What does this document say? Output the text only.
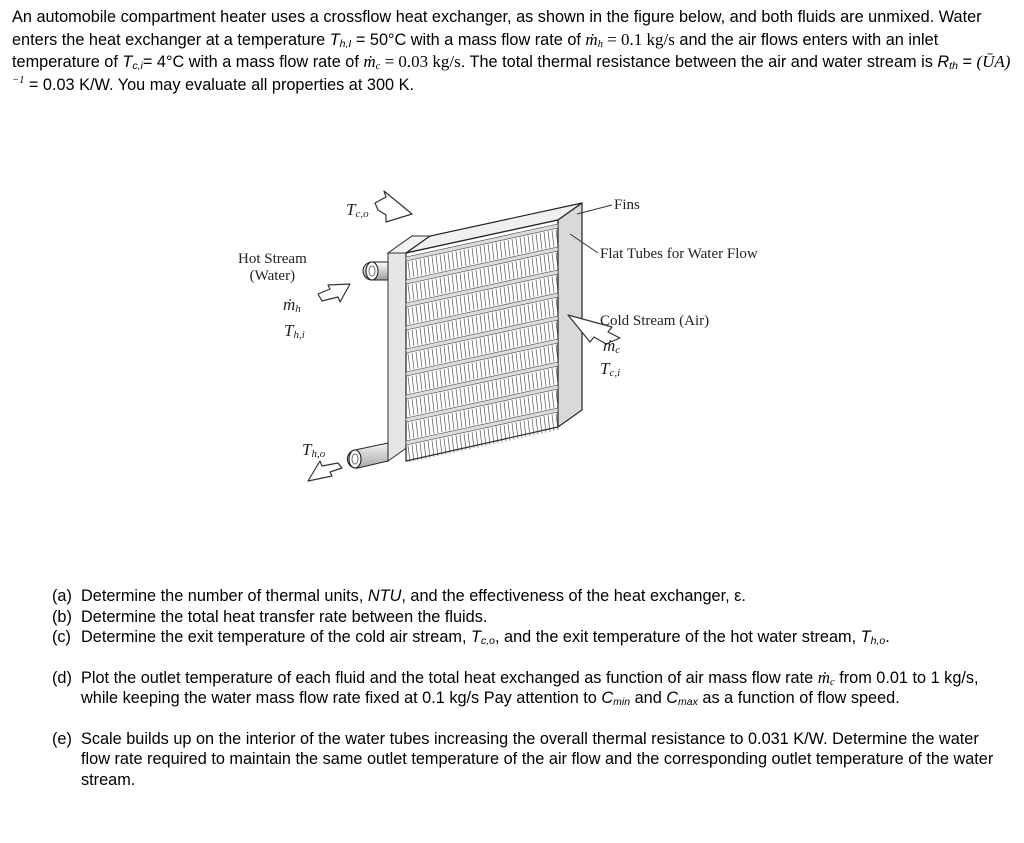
An automobile compartment heater uses a crossflow heat exchanger, as shown in the figure below, and both fluids are unmixed. Water enters the heat exchanger at a temperature $T_{h,I} = 50^\circ C$ with a mass flow rate of ṁ$_h$ = 0.1 kg/s and the air flows enters with an inlet temperature of $T_{c,i}= 4^\circ C$ with a mass flow rate of ṁ$_c$ = 0.03 kg/s. The total thermal resistance between the air and water stream is $R_{th}$ = (ŪA)$^{-1}$ = 0.03 K/W. You may evaluate all properties at 300 K.

Fins
Flat Tubes for Water Flow
Hot Stream
(Water)
Cold Stream (Air)
$T_{c,o}$
ṁ$_h$
$T_{h,i}$
$T_{h,o}$
ṁ$_c$
$T_{c,i}$
(a) Determine the number of thermal units, NTU, and the effectiveness of the heat exchanger, ε.
(b) Determine the total heat transfer rate between the fluids.
(c) Determine the exit temperature of the cold air stream, $T_{c,o}$, and the exit temperature of the hot water stream, $T_{h,o}$.
(d) Plot the outlet temperature of each fluid and the total heat exchanged as function of air mass flow rate ṁ$_c$ from 0.01 to 1 kg/s, while keeping the water mass flow rate fixed at 0.1 kg/s Pay attention to $C_{min}$ and $C_{max}$ as a function of flow speed.
(e) Scale builds up on the interior of the water tubes increasing the overall thermal resistance to 0.031 K/W. Determine the water flow rate required to maintain the same outlet temperature of the air flow and the corresponding outlet temperature of the water stream.
